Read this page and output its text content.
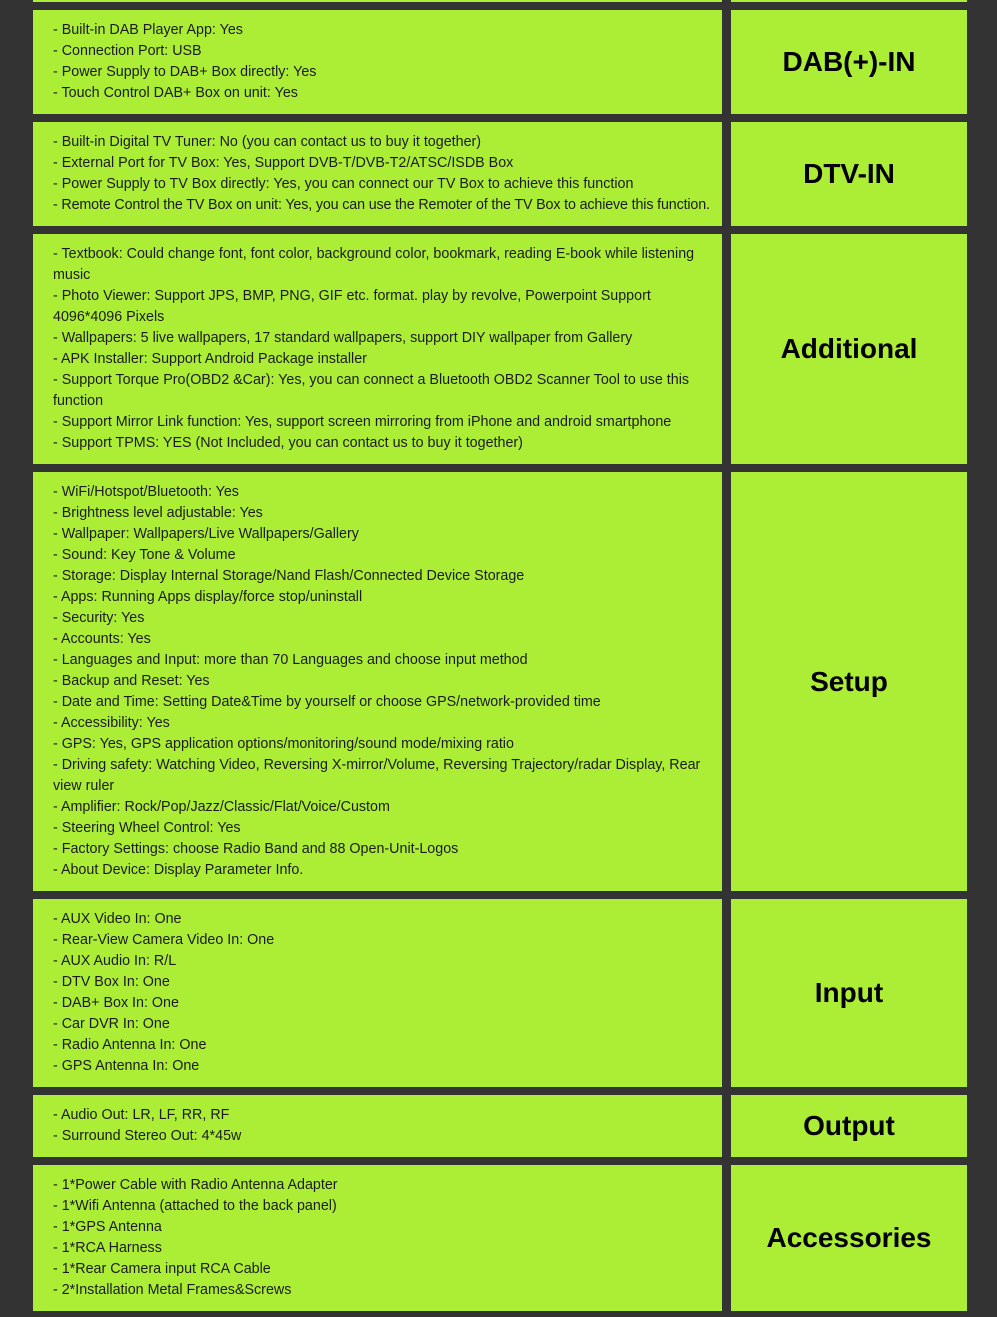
- Built-in DAB Player App: Yes
- Connection Port: USB
- Power Supply to DAB+ Box directly: Yes
- Touch Control DAB+ Box on unit: Yes
DAB(+)-IN
- Built-in Digital TV Tuner: No (you can contact us to buy it together)
- External Port for TV Box: Yes, Support DVB-T/DVB-T2/ATSC/ISDB Box
- Power Supply to TV Box directly: Yes, you can connect our TV Box to achieve this function
- Remote Control the TV Box on unit: Yes, you can use the Remoter of the TV Box to achieve this function.
DTV-IN
- Textbook: Could change font, font color, background color, bookmark, reading E-book while listening music
- Photo Viewer: Support JPS, BMP, PNG, GIF etc. format. play by revolve, Powerpoint Support 4096*4096 Pixels
- Wallpapers: 5 live wallpapers, 17 standard wallpapers, support DIY wallpaper from Gallery
- APK Installer: Support Android Package installer
- Support Torque Pro(OBD2 &Car): Yes, you can connect a Bluetooth OBD2 Scanner Tool to use this function
- Support Mirror Link function: Yes, support screen mirroring from iPhone and android smartphone
- Support TPMS: YES (Not Included, you can contact us to buy it together)
Additional
- WiFi/Hotspot/Bluetooth: Yes
- Brightness level adjustable: Yes
- Wallpaper: Wallpapers/Live Wallpapers/Gallery
- Sound: Key Tone & Volume
- Storage: Display Internal Storage/Nand Flash/Connected Device Storage
- Apps: Running Apps display/force stop/uninstall
- Security: Yes
- Accounts: Yes
- Languages and Input: more than 70 Languages and choose input method
- Backup and Reset: Yes
- Date and Time: Setting Date&Time by yourself or choose GPS/network-provided time
- Accessibility: Yes
- GPS: Yes, GPS application options/monitoring/sound mode/mixing ratio
- Driving safety: Watching Video, Reversing X-mirror/Volume, Reversing Trajectory/radar Display, Rear view ruler
- Amplifier: Rock/Pop/Jazz/Classic/Flat/Voice/Custom
- Steering Wheel Control: Yes
- Factory Settings: choose Radio Band and 88 Open-Unit-Logos
- About Device: Display Parameter Info.
Setup
- AUX Video In: One
- Rear-View Camera Video In: One
- AUX Audio In: R/L
- DTV Box In: One
- DAB+ Box In: One
- Car DVR In: One
- Radio Antenna In: One
- GPS Antenna In: One
Input
- Audio Out: LR, LF, RR, RF
- Surround Stereo Out: 4*45w	Output
- 1*Power Cable with Radio Antenna Adapter
- 1*Wifi Antenna (attached to the back panel)
- 1*GPS Antenna
- 1*RCA Harness
- 1*Rear Camera input RCA Cable
- 2*Installation Metal Frames&Screws
Accessories
